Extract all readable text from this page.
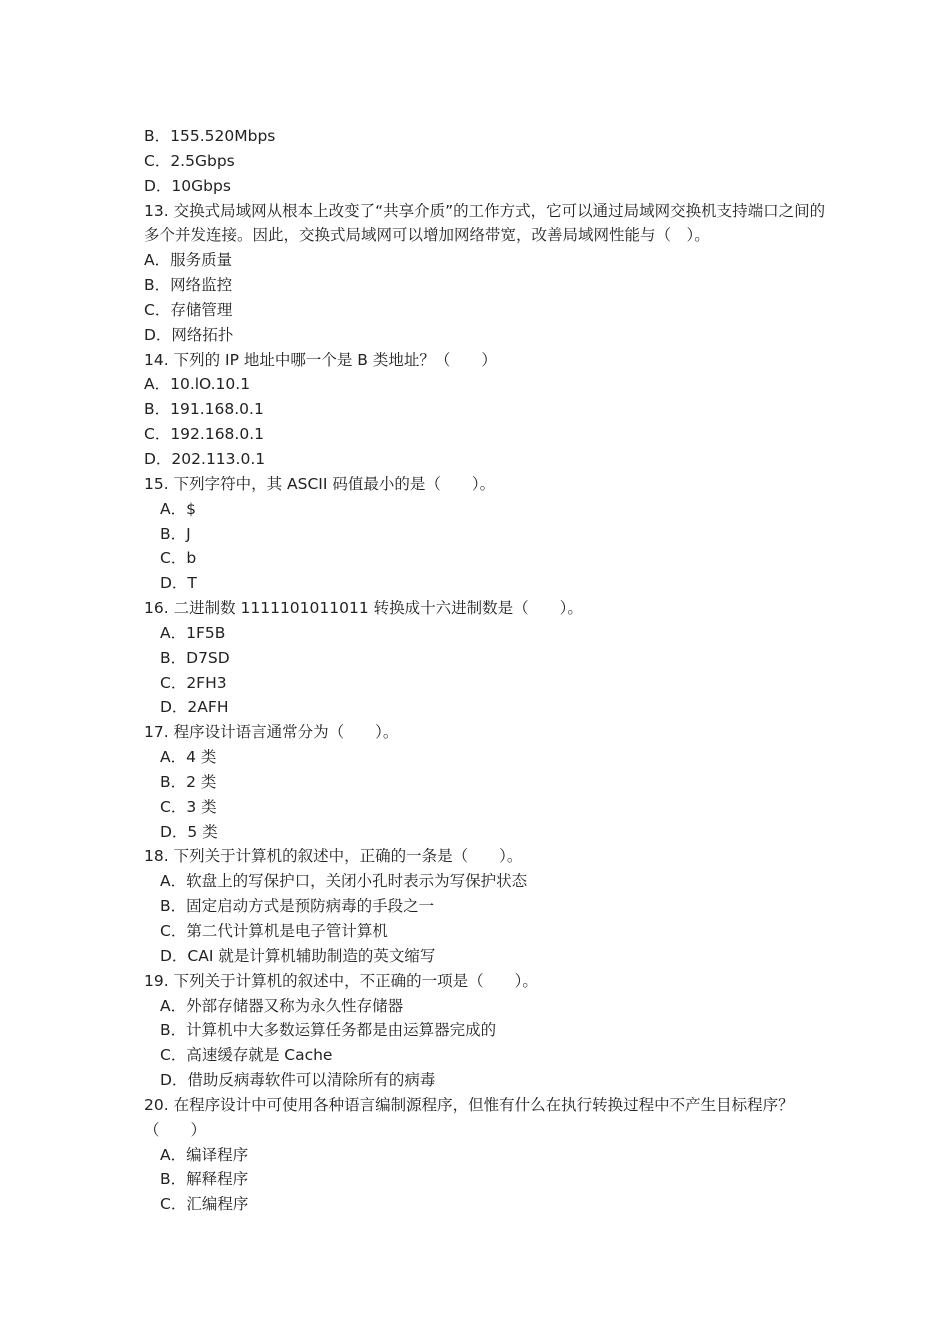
B．155.520Mbps
C．2.5Gbps
D．10Gbps
13. 交换式局域网从根本上改变了“共享介质”的工作方式，它可以通过局域网交换机支持端口之间的多个并发连接。因此，交换式局域网可以增加网络带宽，改善局域网性能与（　）。
A．服务质量
B．网络监控
C．存储管理
D．网络拓扑
14. 下列的 IP 地址中哪一个是 B 类地址？（　　）
A．10.lO.10.1
B．191.168.0.1
C．192.168.0.1
D．202.113.0.1
15. 下列字符中，其 ASCII 码值最小的是（　　）。
A．$
B．J
C．b
D．T
16. 二进制数 1111101011011 转换成十六进制数是（　　）。
A．1F5B
B．D7SD
C．2FH3
D．2AFH
17. 程序设计语言通常分为（　　）。
A．4 类
B．2 类
C．3 类
D．5 类
18. 下列关于计算机的叙述中，正确的一条是（　　）。
A．软盘上的写保护口，关闭小孔时表示为写保护状态
B．固定启动方式是预防病毒的手段之一
C．第二代计算机是电子管计算机
D．CAI 就是计算机辅助制造的英文缩写
19. 下列关于计算机的叙述中，不正确的一项是（　　）。
A．外部存储器又称为永久性存储器
B．计算机中大多数运算任务都是由运算器完成的
C．高速缓存就是 Cache
D．借助反病毒软件可以清除所有的病毒
20. 在程序设计中可使用各种语言编制源程序，但惟有什么在执行转换过程中不产生目标程序？（　　）
A．编译程序
B．解释程序
C．汇编程序
